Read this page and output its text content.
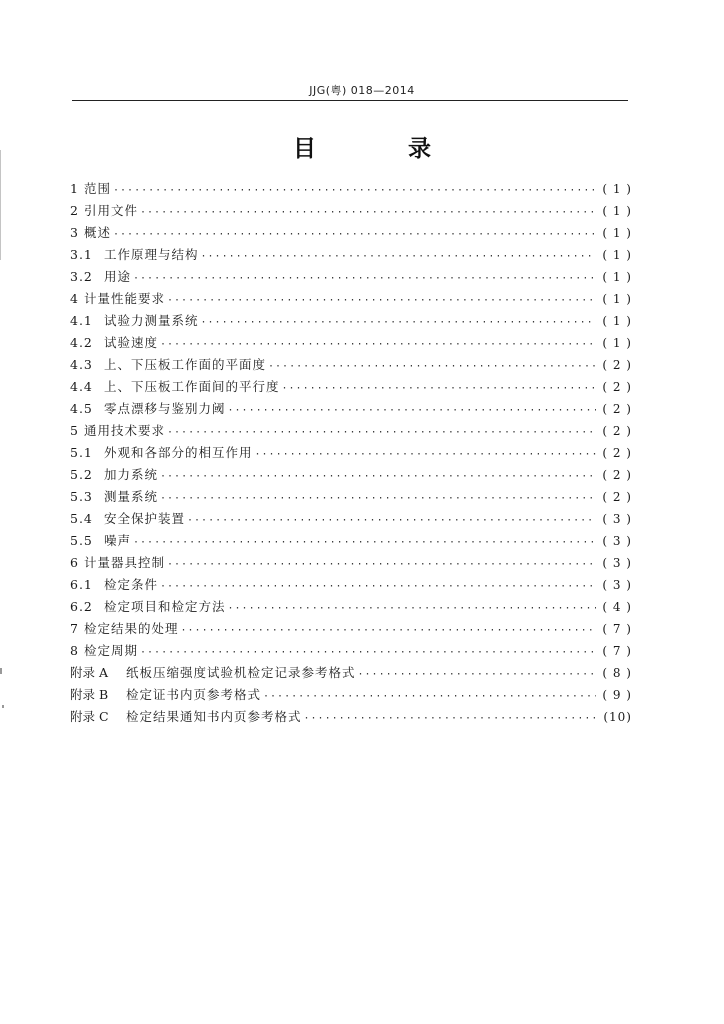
JJG(粤) 018—2014
目 录
1 范围 ·····	( 1 )
2 引用文件 ·····	( 1 )
3 概述 ·····	( 1 )
3.1 工作原理与结构 ·····	( 1 )
3.2 用途 ·····	( 1 )
4 计量性能要求 ·····	( 1 )
4.1 试验力测量系统 ·····	( 1 )
4.2 试验速度 ·····	( 1 )
4.3 上、下压板工作面的平面度 ·····	( 2 )
4.4 上、下压板工作面间的平行度 ·····	( 2 )
4.5 零点漂移与鉴别力阈 ·····	( 2 )
5 通用技术要求 ·····	( 2 )
5.1 外观和各部分的相互作用 ·····	( 2 )
5.2 加力系统 ·····	( 2 )
5.3 测量系统 ·····	( 2 )
5.4 安全保护装置 ·····	( 3 )
5.5 噪声 ·····	( 3 )
6 计量器具控制 ·····	( 3 )
6.1 检定条件 ·····	( 3 )
6.2 检定项目和检定方法 ·····	( 4 )
7 检定结果的处理 ·····	( 7 )
8 检定周期 ·····	( 7 )
附录 A	纸板压缩强度试验机检定记录参考格式 ·····	( 8 )
附录 B	检定证书内页参考格式 ·····	( 9 )
附录 C	检定结果通知书内页参考格式 ·····	(10)
